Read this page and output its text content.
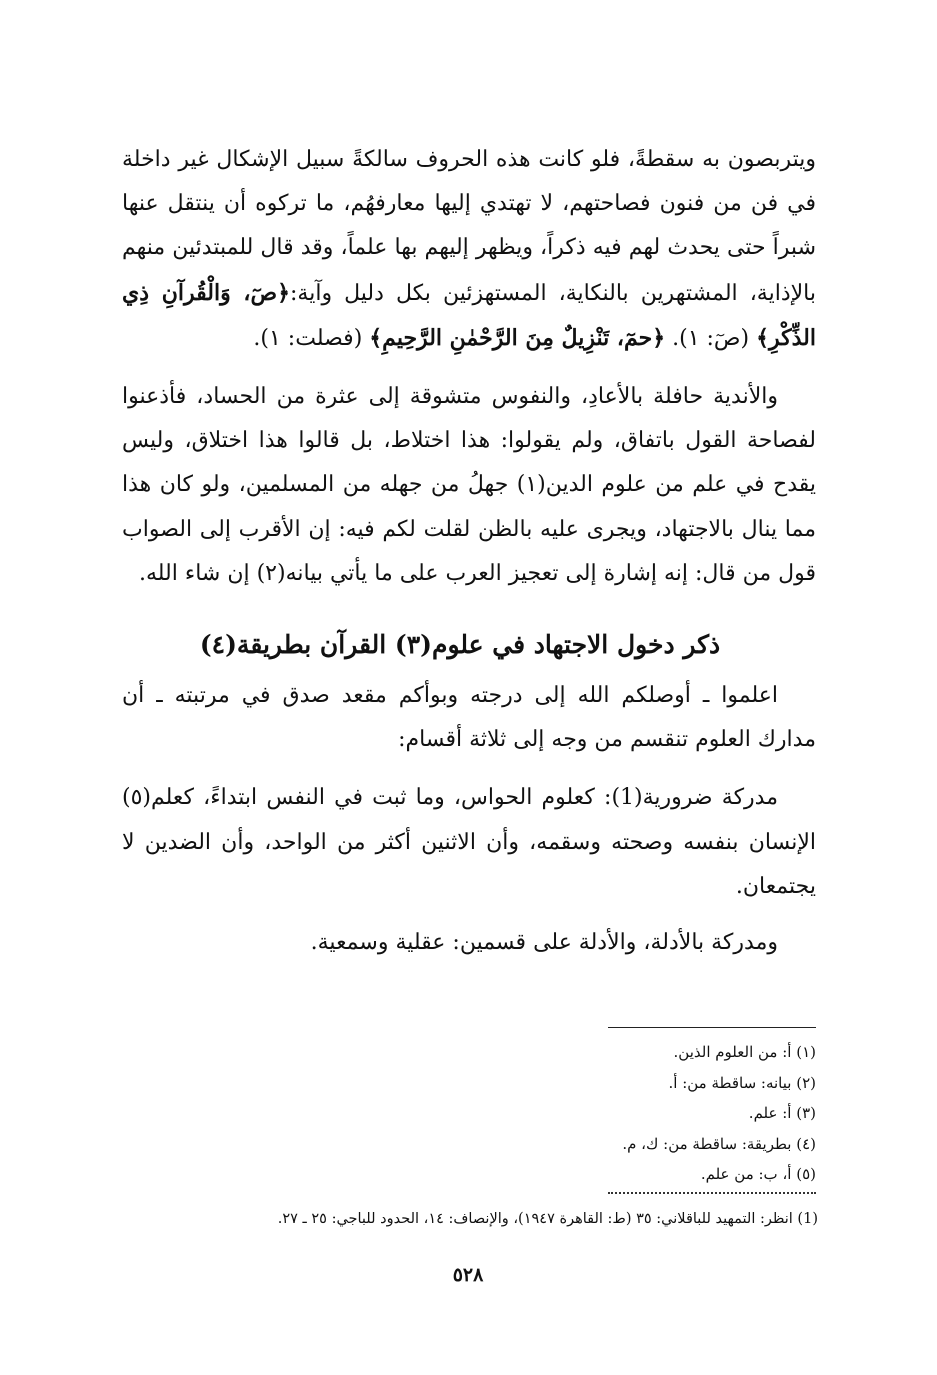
ويتربصون به سقطةً، فلو كانت هذه الحروف سالكةً سبيل الإشكال غير داخلة في فن من فنون فصاحتهم، لا تهتدي إليها معارفهُم، ما تركوه أن ينتقل عنها شبراً حتى يحدث لهم فيه ذكراً، ويظهر إليهم بها علماً، وقد قال للمبتدئين منهم بالإذاية، المشتهرين بالنكاية، المستهزئين بكل دليل وآية:﴿صٓ، وَالْقُرآنِ ذِي الذِّكْرِ﴾ (صٓ: ١). ﴿حمٓ، تَنْزِيلٌ مِنَ الرَّحْمٰنِ الرَّحِيمِ﴾ (فصلت: ١).

والأندية حافلة بالأعادِ، والنفوس متشوقة إلى عثرة من الحساد، فأذعنوا لفصاحة القول باتفاق، ولم يقولوا: هذا اختلاط، بل قالوا هذا اختلاق، وليس يقدح في علم من علوم الدين(١) جهلُ من جهله من المسلمين، ولو كان هذا مما ينال بالاجتهاد، ويجرى عليه بالظن لقلت لكم فيه: إن الأقرب إلى الصواب قول من قال: إنه إشارة إلى تعجيز العرب على ما يأتي بيانه(٢) إن شاء الله.

ذكر دخول الاجتهاد في علوم(٣) القرآن بطريقة(٤)

اعلموا ـ أوصلكم الله إلى درجته وبوأكم مقعد صدق في مرتبته ـ أن مدارك العلوم تنقسم من وجه إلى ثلاثة أقسام:

مدركة ضرورية(1): كعلوم الحواس، وما ثبت في النفس ابتداءً، كعلم(٥) الإنسان بنفسه وصحته وسقمه، وأن الاثنين أكثر من الواحد، وأن الضدين لا يجتمعان.

ومدركة بالأدلة، والأدلة على قسمين: عقلية وسمعية.

(١) أ: من العلوم الذين.
(٢) بيانه: ساقطة من: أ.
(٣) أ: علم.
(٤) بطريقة: ساقطة من: ك، م.
(٥) أ، ب: من علم.
(1) انظر: التمهيد للباقلاني: ٣٥ (ط: القاهرة ١٩٤٧)، والإنصاف: ١٤، الحدود للباجي: ٢٥ ـ ٢٧.
٥٢٨
